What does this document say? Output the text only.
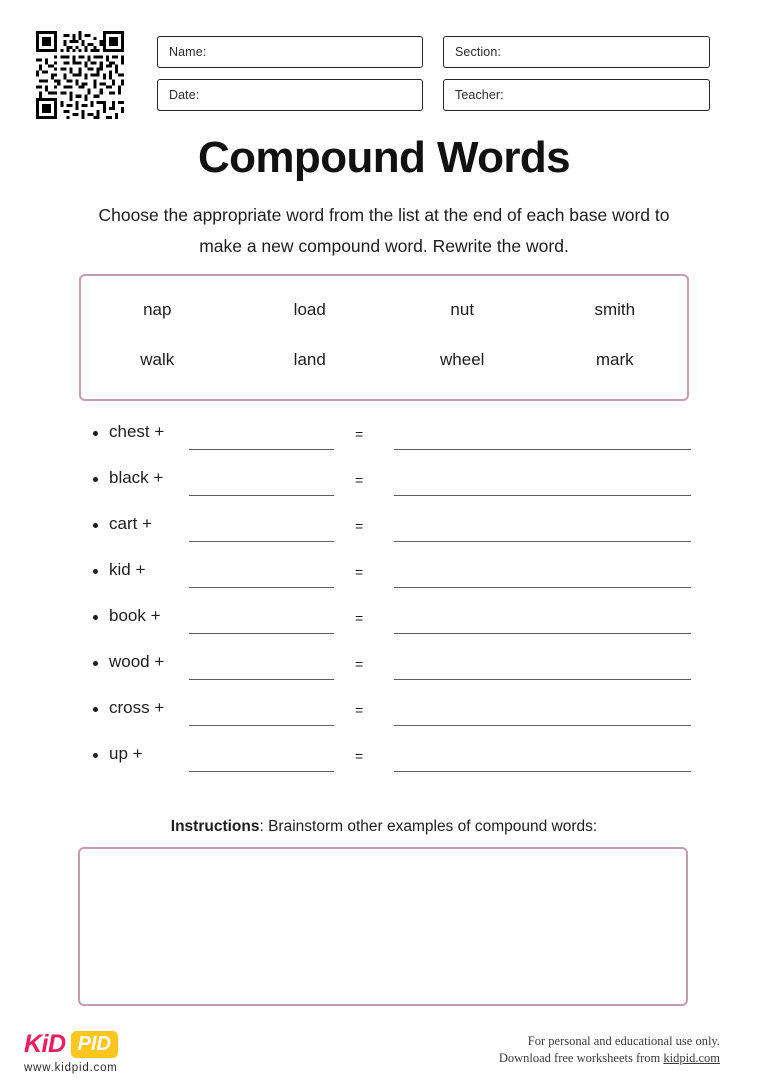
Name:	Section:
Date:	Teacher:
Compound Words
Choose the appropriate word from the list at the end of each base word to make a new compound word. Rewrite the word.
nap	load	nut	smith
walk	land	wheel	mark
chest +	=
black +	=
cart +	=
kid +	=
book +	=
wood +	=
cross +	=
up +	=
Instructions: Brainstorm other examples of compound words:
KiD PID
www.kidpid.com
For personal and educational use only.
Download free worksheets from kidpid.com
